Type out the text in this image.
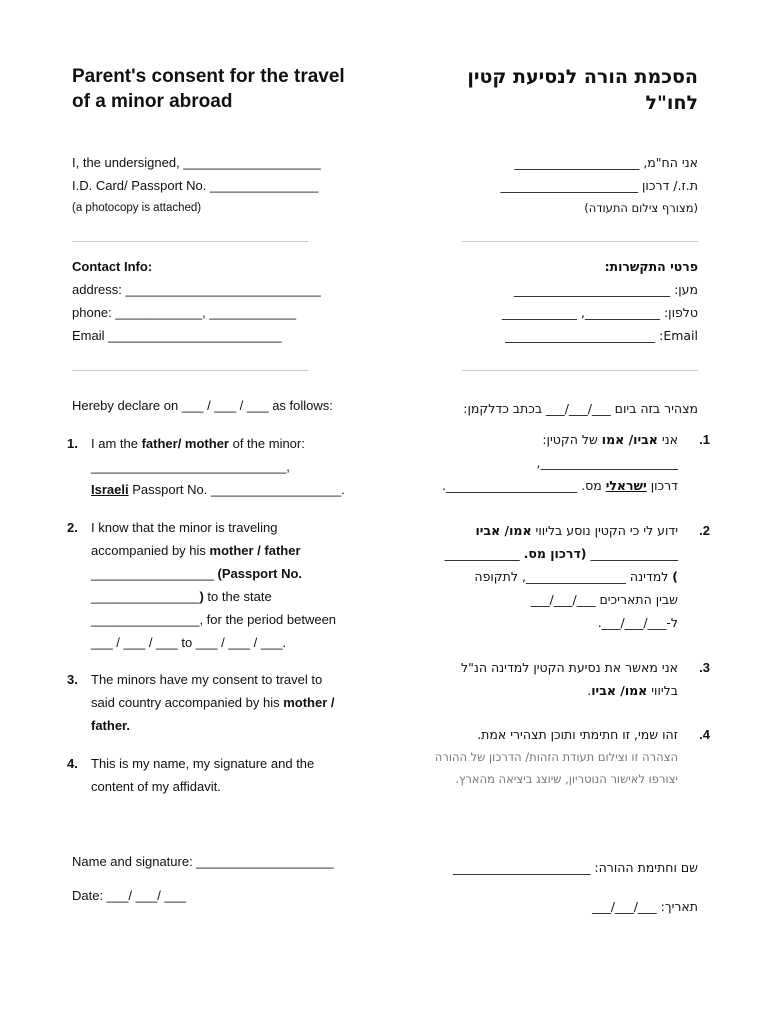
Parent's consent for the travel

of a minor abroad

הסכמת הורה לנסיעת קטין

לחו"ל

I, the undersigned, ___________________

I.D. Card/ Passport No. _______________

(a photocopy is attached)

אני הח"מ, ____________________

ת.ז./ דרכון ______________________

(מצורף צילום התעודה)

Contact Info:

address: ___________________________

phone: ____________, ____________

Email ________________________

פרטי התקשרות:

מען: _________________________

טלפון: ____________, ____________

Email: ________________________

Hereby declare on ___ / ___ / ___ as follows:	מצהיר בזה ביום ___/___/___ בכתב כדלקמן:
1. I am the father/ mother of the minor:

___________________________,

Israeli Passport No. __________________.

2. I know that the minor is traveling

accompanied by his mother / father

_________________ (Passport No.

_______________) to the state

_______________, for the period between

___ / ___ / ___ to ___ / ___ / ___.

3. The minors have my consent to travel to

said country accompanied by his mother /

father.

4. This is my name, my signature and the

content of my affidavit.

.1

אני אביו/ אמו של הקטין:

______________________,

דרכון ישראלי מס. _____________________.

.2

ידוע לי כי הקטין נוסע בליווי אמו/ אביו

______________ (דרכון מס. ____________

) למדינה ________________, לתקופה

שבין התאריכים ___/___/___

ל-___/___/___.

.3

אני מאשר את נסיעת הקטין למדינה הנ"ל

בליווי אמו/ אביו.

.4

זהו שמי, זו חתימתי ותוכן תצהירי אמת.

הצהרה זו וצילום תעודת הזהות/ הדרכון של ההורה

יצורפו לאישור הנוטריון, שיוצג ביציאה מהארץ.

Name and signature: ___________________
Date: ___/ ___/ ___
שם וחתימת ההורה: ______________________
תאריך: ___/___/___
